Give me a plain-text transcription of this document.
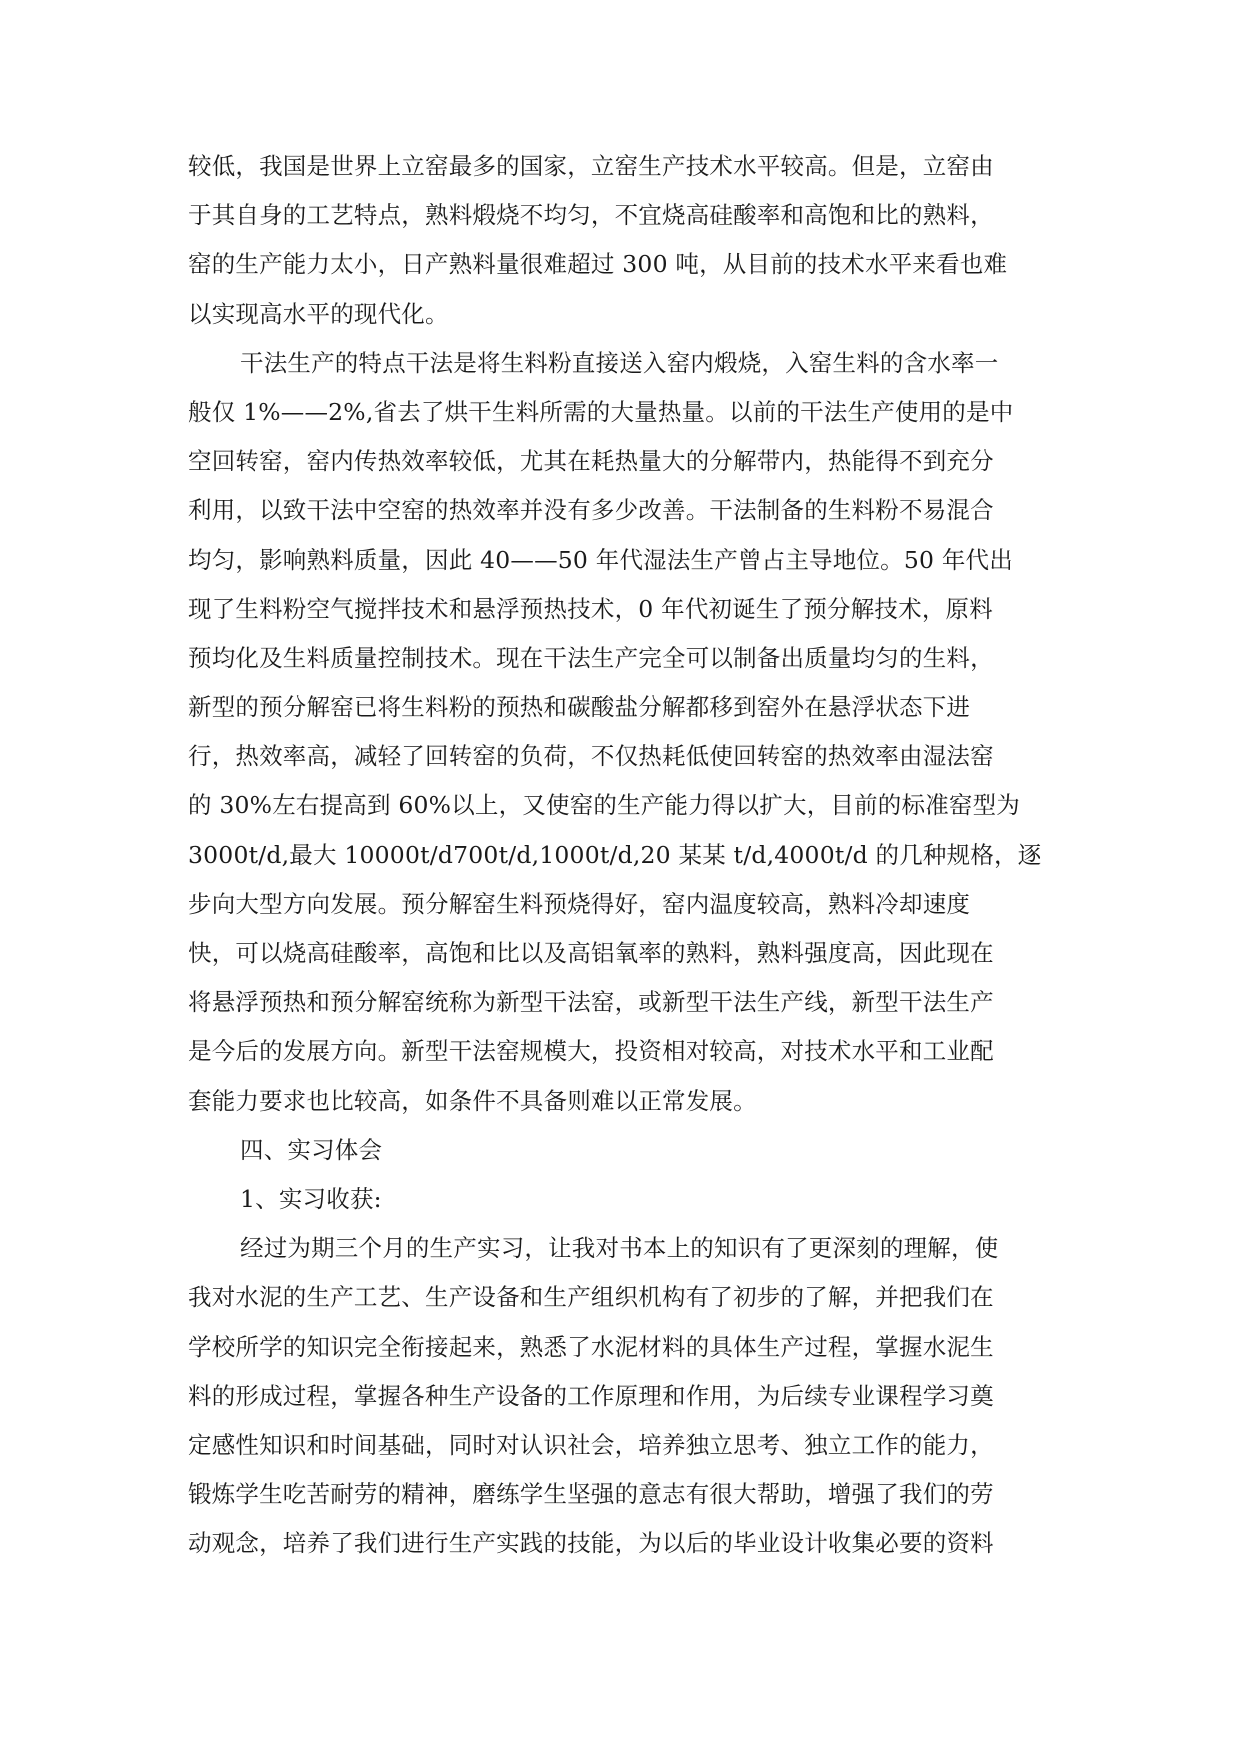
较低，我国是世界上立窑最多的国家，立窑生产技术水平较高。但是，立窑由
于其自身的工艺特点，熟料煅烧不均匀，不宜烧高硅酸率和高饱和比的熟料，
窑的生产能力太小，日产熟料量很难超过 300 吨，从目前的技术水平来看也难
以实现高水平的现代化。
干法生产的特点干法是将生料粉直接送入窑内煅烧，入窑生料的含水率一
般仅 1%——2%,省去了烘干生料所需的大量热量。以前的干法生产使用的是中
空回转窑，窑内传热效率较低，尤其在耗热量大的分解带内，热能得不到充分
利用，以致干法中空窑的热效率并没有多少改善。干法制备的生料粉不易混合
均匀，影响熟料质量，因此 40——50 年代湿法生产曾占主导地位。50 年代出
现了生料粉空气搅拌技术和悬浮预热技术，0 年代初诞生了预分解技术，原料
预均化及生料质量控制技术。现在干法生产完全可以制备出质量均匀的生料，
新型的预分解窑已将生料粉的预热和碳酸盐分解都移到窑外在悬浮状态下进
行，热效率高，减轻了回转窑的负荷，不仅热耗低使回转窑的热效率由湿法窑
的 30%左右提高到 60%以上，又使窑的生产能力得以扩大，目前的标准窑型为
3000t/d,最大 10000t/d700t/d,1000t/d,20 某某 t/d,4000t/d 的几种规格，逐
步向大型方向发展。预分解窑生料预烧得好，窑内温度较高，熟料冷却速度
快，可以烧高硅酸率，高饱和比以及高铝氧率的熟料，熟料强度高，因此现在
将悬浮预热和预分解窑统称为新型干法窑，或新型干法生产线，新型干法生产
是今后的发展方向。新型干法窑规模大，投资相对较高，对技术水平和工业配
套能力要求也比较高，如条件不具备则难以正常发展。
四、实习体会
1、实习收获:
经过为期三个月的生产实习，让我对书本上的知识有了更深刻的理解，使
我对水泥的生产工艺、生产设备和生产组织机构有了初步的了解，并把我们在
学校所学的知识完全衔接起来，熟悉了水泥材料的具体生产过程，掌握水泥生
料的形成过程，掌握各种生产设备的工作原理和作用，为后续专业课程学习奠
定感性知识和时间基础，同时对认识社会，培养独立思考、独立工作的能力，
锻炼学生吃苦耐劳的精神，磨练学生坚强的意志有很大帮助，增强了我们的劳
动观念，培养了我们进行生产实践的技能，为以后的毕业设计收集必要的资料
